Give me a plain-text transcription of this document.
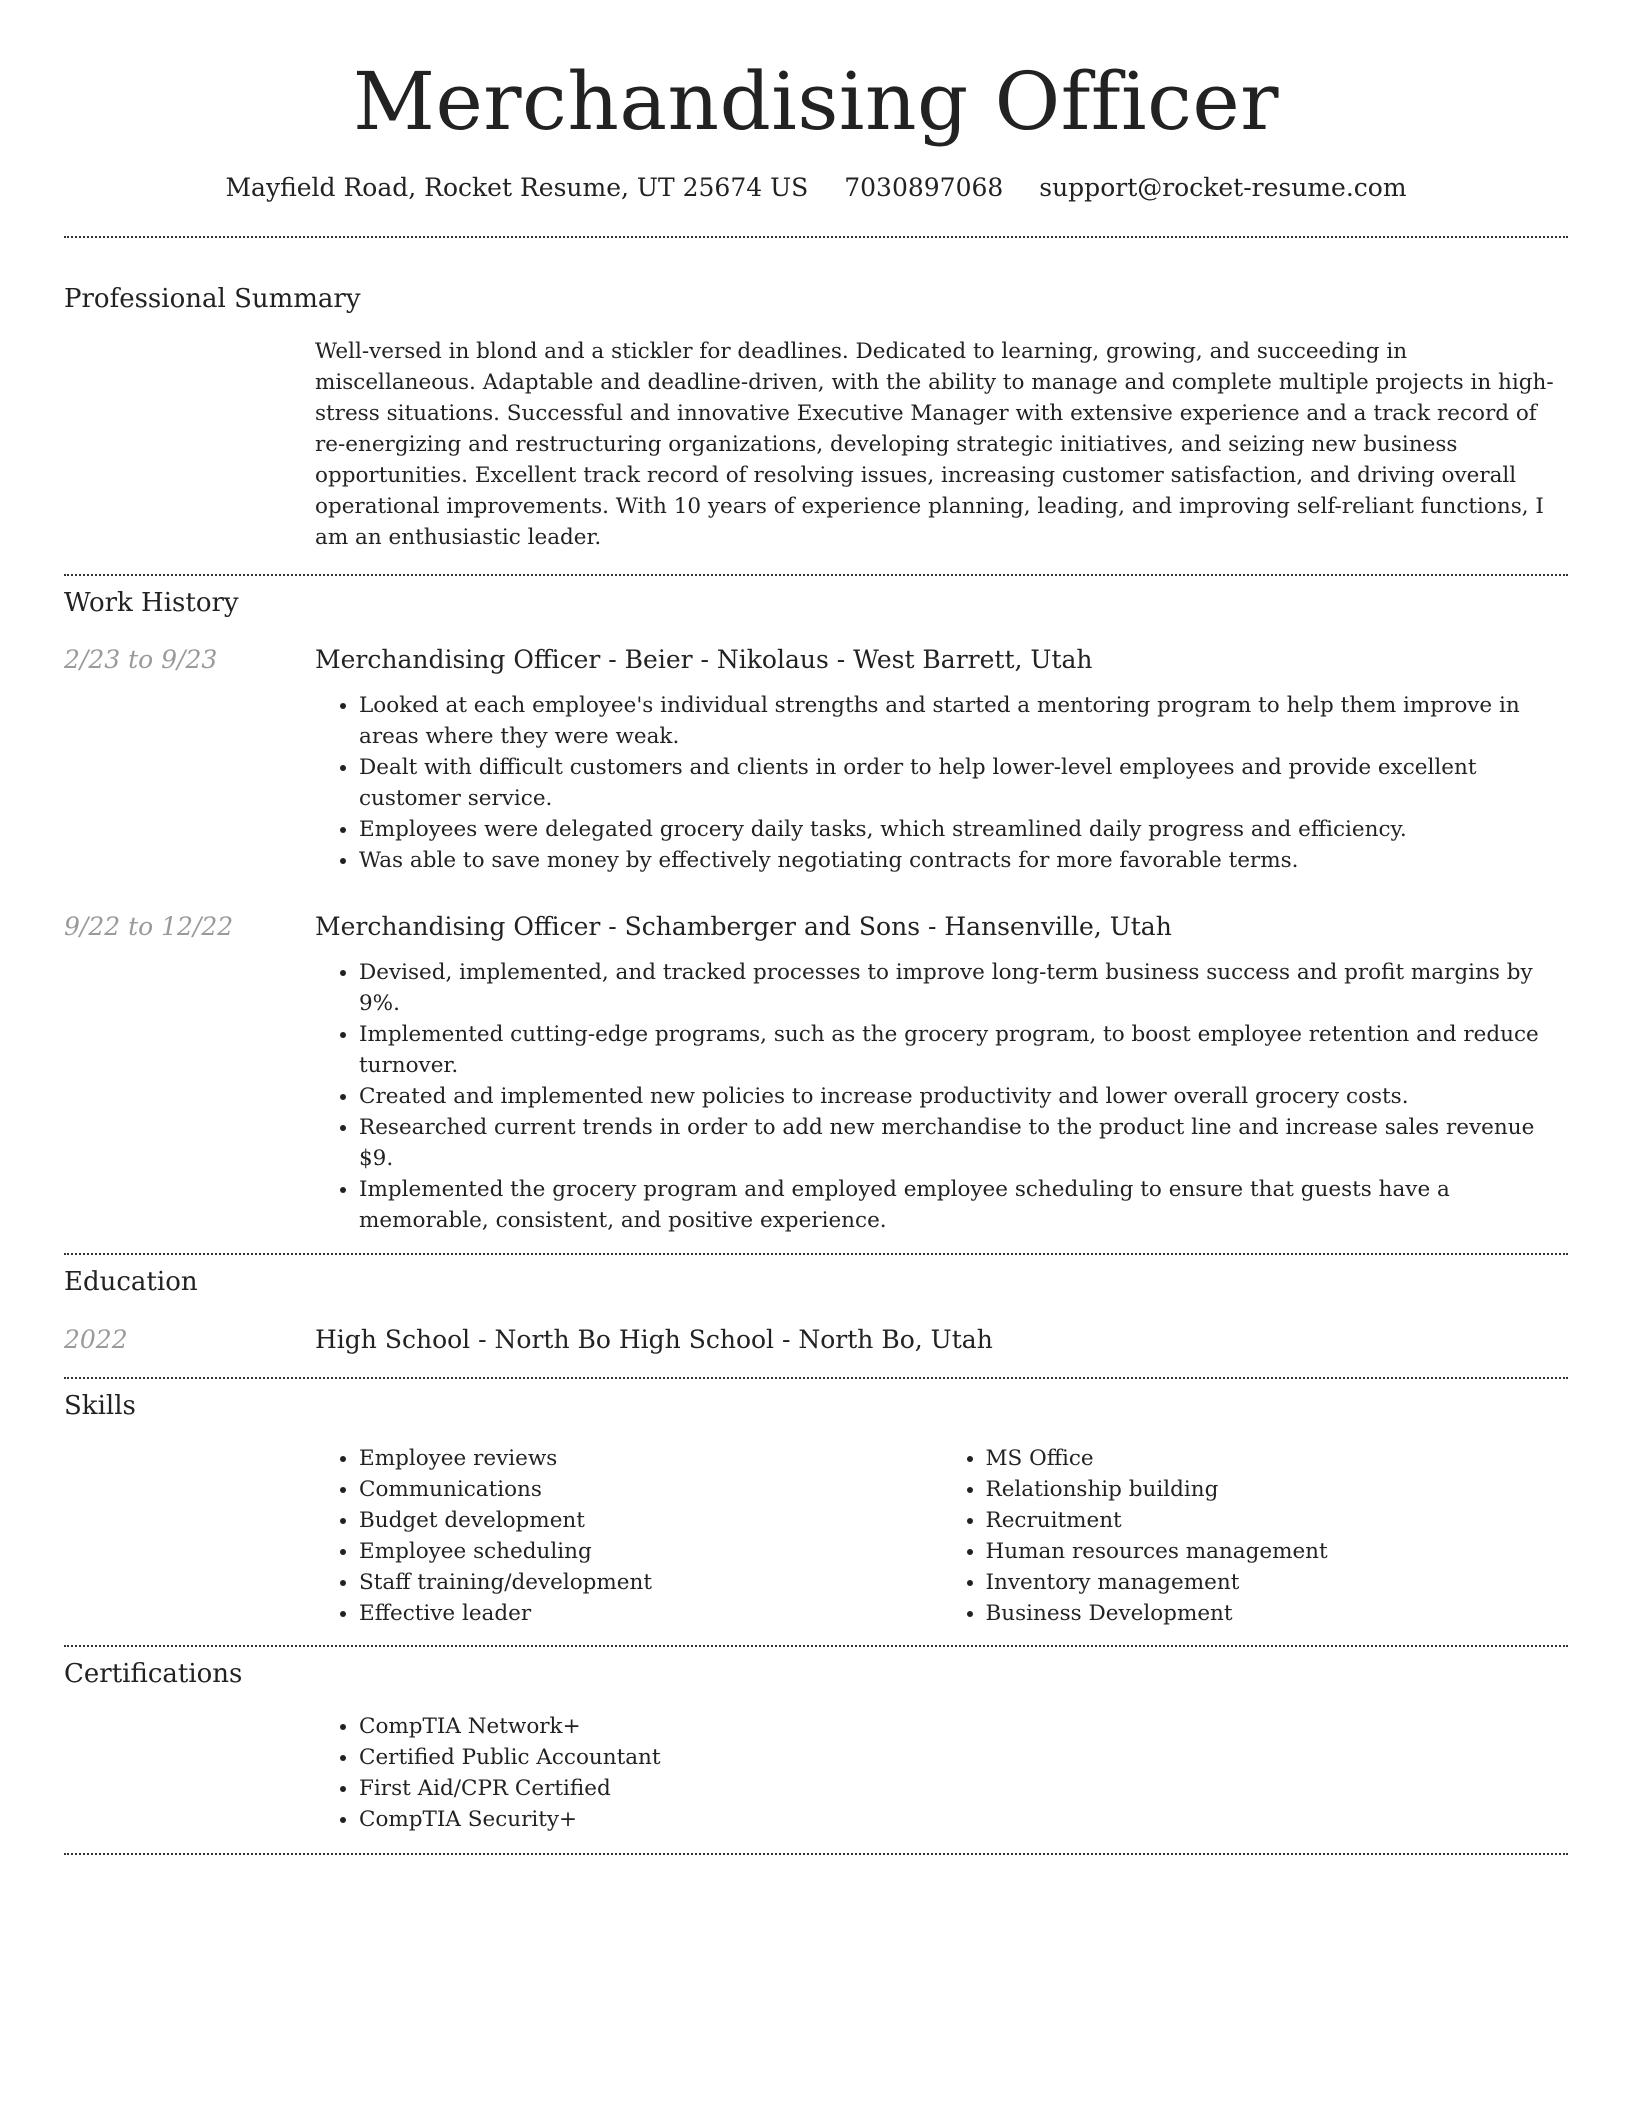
Merchandising Officer
Mayfield Road, Rocket Resume, UT 25674 US 7030897068 support@rocket-resume.com
Professional Summary

Well-versed in blond and a stickler for deadlines. Dedicated to learning, growing, and succeeding in miscellaneous. Adaptable and deadline-driven, with the ability to manage and complete multiple projects in high-stress situations. Successful and innovative Executive Manager with extensive experience and a track record of re-energizing and restructuring organizations, developing strategic initiatives, and seizing new business opportunities. Excellent track record of resolving issues, increasing customer satisfaction, and driving overall operational improvements. With 10 years of experience planning, leading, and improving self-reliant functions, I am an enthusiastic leader.

Work History
2/23 to 9/23	Merchandising Officer - Beier - Nikolaus - West Barrett, Utah

• Looked at each employee's individual strengths and started a mentoring program to help them improve in areas where they were weak.
• Dealt with difficult customers and clients in order to help lower-level employees and provide excellent customer service.
• Employees were delegated grocery daily tasks, which streamlined daily progress and efficiency.
• Was able to save money by effectively negotiating contracts for more favorable terms.
9/22 to 12/22	Merchandising Officer - Schamberger and Sons - Hansenville, Utah

• Devised, implemented, and tracked processes to improve long-term business success and profit margins by 9%.
• Implemented cutting-edge programs, such as the grocery program, to boost employee retention and reduce turnover.
• Created and implemented new policies to increase productivity and lower overall grocery costs.
• Researched current trends in order to add new merchandise to the product line and increase sales revenue $9.
• Implemented the grocery program and employed employee scheduling to ensure that guests have a memorable, consistent, and positive experience.
Education
2022	High School - North Bo High School - North Bo, Utah

Skills
• Employee reviews
• Communications
• Budget development
• Employee scheduling
• Staff training/development
• Effective leader
• MS Office
• Relationship building
• Recruitment
• Human resources management
• Inventory management
• Business Development
Certifications
• CompTIA Network+
• Certified Public Accountant
• First Aid/CPR Certified
• CompTIA Security+
